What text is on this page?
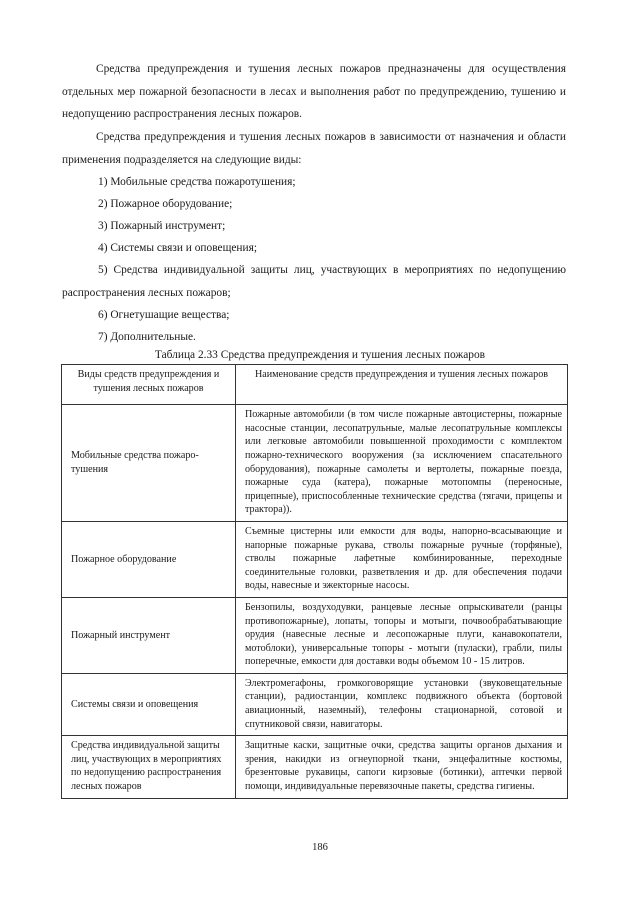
Средства предупреждения и тушения лесных пожаров предназначены для осуществления отдельных мер пожарной безопасности в лесах и выполнения работ по предупреждению, тушению и недопущению распространения лесных пожаров.
Средства предупреждения и тушения лесных пожаров в зависимости от назначения и области применения подразделяется на следующие виды:
1) Мобильные средства пожаротушения;
2) Пожарное оборудование;
3) Пожарный инструмент;
4) Системы связи и оповещения;
5) Средства индивидуальной защиты лиц, участвующих в мероприятиях по недопущению распространения лесных пожаров;
6) Огнетушащие вещества;
7) Дополнительные.
Таблица 2.33 Средства предупреждения и тушения лесных пожаров
Виды средств предупреждения и тушения лесных пожаров	Наименование средств предупреждения и тушения лесных пожаров
Мобильные средства пожаротушения	Пожарные автомобили (в том числе пожарные автоцистерны, пожарные насосные станции, лесопатрульные, малые лесопатрульные комплексы или легковые автомобили повышенной проходимости с комплектом пожарно-технического вооружения (за исключением спасательного оборудования), пожарные самолеты и вертолеты, пожарные поезда, пожарные суда (катера), пожарные мотопомпы (переносные, прицепные), приспособленные технические средства (тягачи, прицепы и трактора)).
Пожарное оборудование	Съемные цистерны или емкости для воды, напорно-всасывающие и напорные пожарные рукава, стволы пожарные ручные (торфяные), стволы пожарные лафетные комбинированные, переходные соединительные головки, разветвления и др. для обеспечения подачи воды, навесные и эжекторные насосы.
Пожарный инструмент	Бензопилы, воздуходувки, ранцевые лесные опрыскиватели (ранцы противопожарные), лопаты, топоры и мотыги, почвообрабатывающие орудия (навесные лесные и лесопожарные плуги, канавокопатели, мотоблоки), универсальные топоры - мотыги (пуласки), грабли, пилы поперечные, емкости для доставки воды объемом 10 - 15 литров.
Системы связи и оповещения	Электромегафоны, громкоговорящие установки (звуковещательные станции), радиостанции, комплекс подвижного объекта (бортовой авиационный, наземный), телефоны стационарной, сотовой и спутниковой связи, навигаторы.
Средства индивидуальной защиты лиц, участвующих в мероприятиях по недопущению распространения лесных пожаров	Защитные каски, защитные очки, средства защиты органов дыхания и зрения, накидки из огнеупорной ткани, энцефалитные костюмы, брезентовые рукавицы, сапоги кирзовые (ботинки), аптечки первой помощи, индивидуальные перевязочные пакеты, средства гигиены.
186
